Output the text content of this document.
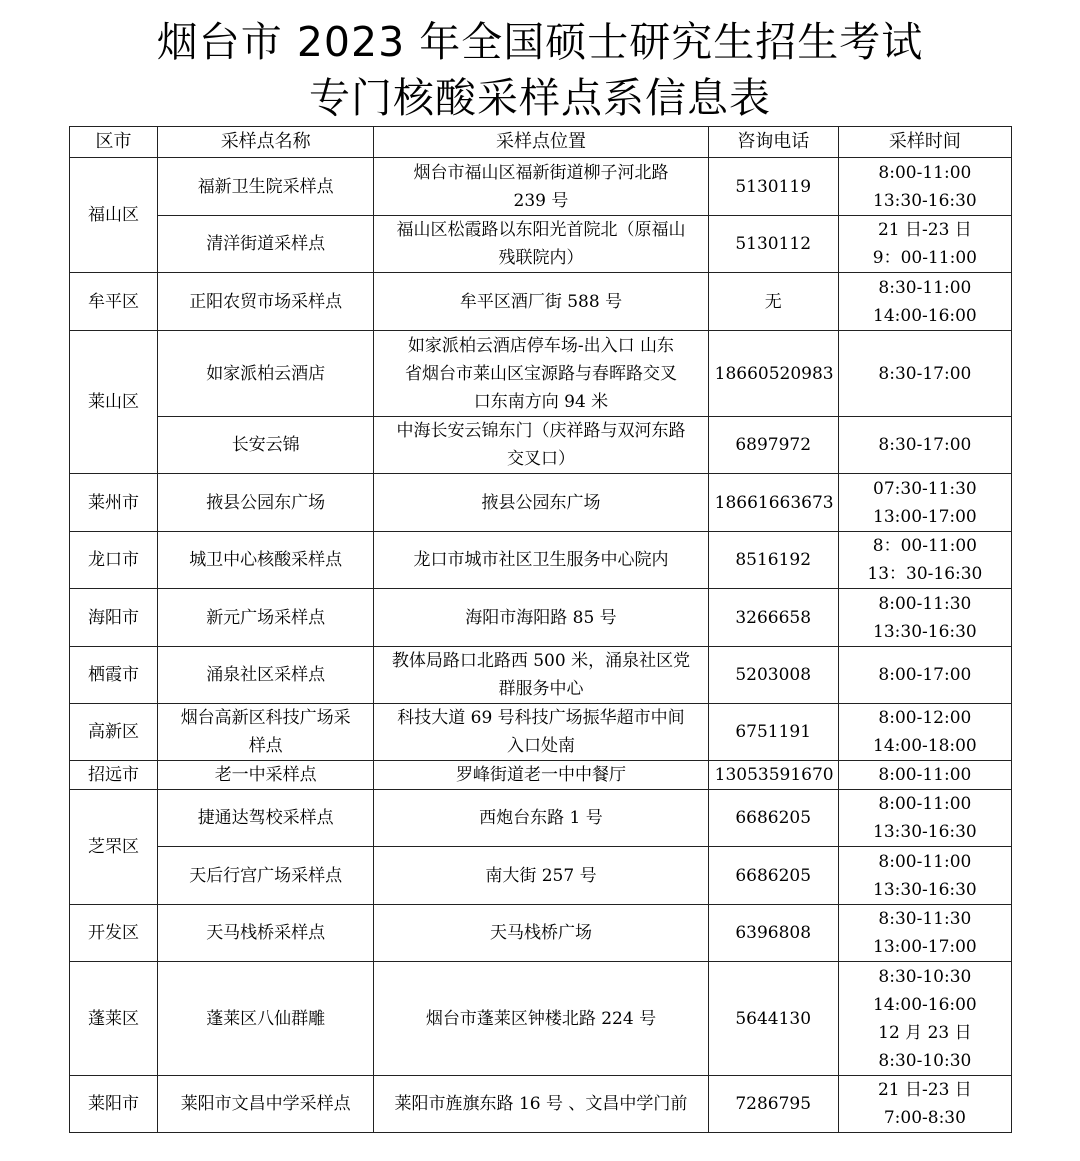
烟台市 2023 年全国硕士研究生招生考试
专门核酸采样点系信息表
区市	采样点名称	采样点位置	咨询电话	采样时间
福山区	福新卫生院采样点	烟台市福山区福新街道柳子河北路
239 号	5130119	8:00-11:00
13:30-16:30

	清洋街道采样点	福山区松霞路以东阳光首院北（原福山
残联院内）	5130112	21 日-23 日
9：00-11:00

牟平区	正阳农贸市场采样点	牟平区酒厂街 588 号	无	8:30-11:00
14:00-16:00

莱山区	如家派柏云酒店	如家派柏云酒店停车场-出入口 山东
省烟台市莱山区宝源路与春晖路交叉
口东南方向 94 米	18660520983	8:30-17:00

	长安云锦	中海长安云锦东门（庆祥路与双河东路
交叉口）	6897972	8:30-17:00

莱州市	掖县公园东广场	掖县公园东广场	18661663673	07:30-11:30
13:00-17:00

龙口市	城卫中心核酸采样点	龙口市城市社区卫生服务中心院内	8516192	8：00-11:00
13：30-16:30

海阳市	新元广场采样点	海阳市海阳路 85 号	3266658	8:00-11:30
13:30-16:30

栖霞市	涌泉社区采样点	教体局路口北路西 500 米，涌泉社区党
群服务中心	5203008	8:00-17:00

高新区	烟台高新区科技广场采
样点	科技大道 69 号科技广场振华超市中间
入口处南	6751191	8:00-12:00
14:00-18:00

招远市	老一中采样点	罗峰街道老一中中餐厅	13053591670	8:00-11:00

芝罘区	捷通达驾校采样点	西炮台东路 1 号	6686205	8:00-11:00
13:30-16:30

	天后行宫广场采样点	南大街 257 号	6686205	8:00-11:00
13:30-16:30

开发区	天马栈桥采样点	天马栈桥广场	6396808	8:30-11:30
13:00-17:00

蓬莱区	蓬莱区八仙群雕	烟台市蓬莱区钟楼北路 224 号	5644130	8:30-10:30
14:00-16:00
12 月 23 日
8:30-10:30

莱阳市	莱阳市文昌中学采样点	莱阳市旌旗东路 16 号 、文昌中学门前	7286795	21 日-23 日
7:00-8:30
